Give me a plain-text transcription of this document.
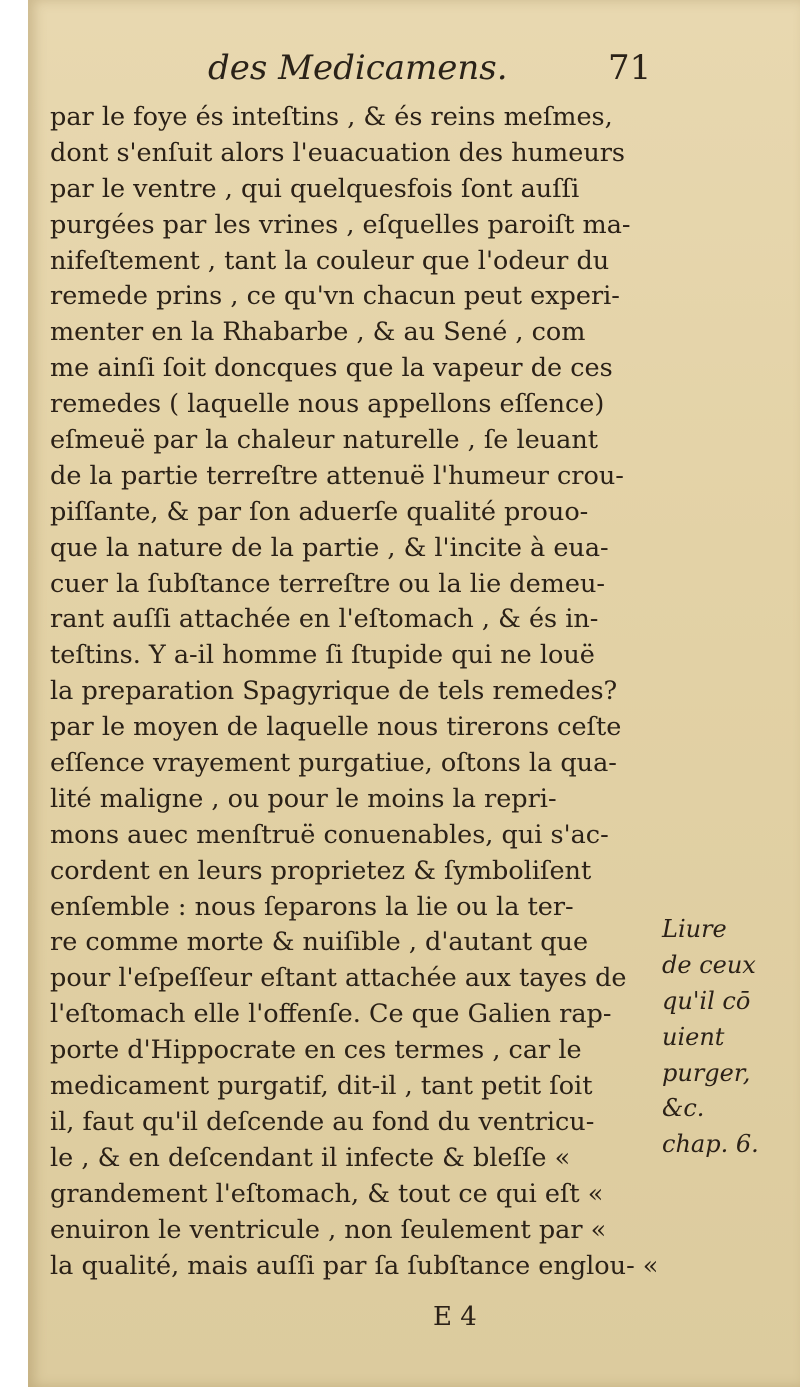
des Medicamens.	71
par le foye és inteſtins , & és reins meſmes,
dont s'enſuit alors l'euacuation des humeurs
par le ventre , qui quelquesfois ſont auſſi
purgées par les vrines , eſquelles paroiſt ma-
nifeſtement , tant la couleur que l'odeur du
remede prins , ce qu'vn chacun peut experi-
menter en la Rhabarbe , & au Sené , com
me ainſi ſoit doncques que la vapeur de ces
remedes ( laquelle nous appellons eſſence)
eſmeuë par la chaleur naturelle , ſe leuant
de la partie terreſtre attenuë l'humeur crou-
piſſante, & par ſon aduerſe qualité prouo-
que la nature de la partie , & l'incite à eua-
cuer la ſubſtance terreſtre ou la lie demeu-
rant auſſi attachée en l'eſtomach , & és in-
teſtins. Y a-il homme ſi ſtupide qui ne louë
la preparation Spagyrique de tels remedes?
par le moyen de laquelle nous tirerons ceſte
eſſence vrayement purgatiue, oſtons la qua-
lité maligne , ou pour le moins la repri-
mons auec menſtruë conuenables, qui s'ac-
cordent en leurs proprietez & ſymboliſent
enſemble : nous ſeparons la lie ou la ter-
re comme morte & nuiſible , d'autant que
pour l'eſpeſſeur eſtant attachée aux tayes de
l'eſtomach elle l'offenſe. Ce que Galien rap-
porte d'Hippocrate en ces termes , car le
medicament purgatif, dit-il , tant petit ſoit
il, faut qu'il deſcende au fond du ventricu-
le , & en deſcendant il infecte & bleſſe «
grandement l'eſtomach, & tout ce qui eſt «
enuiron le ventricule , non ſeulement par «
la qualité, mais auſſi par ſa ſubſtance englou- «
Liure
de ceux
qu'il cō
uient
purger,
&c.
chap. 6.
E 4
